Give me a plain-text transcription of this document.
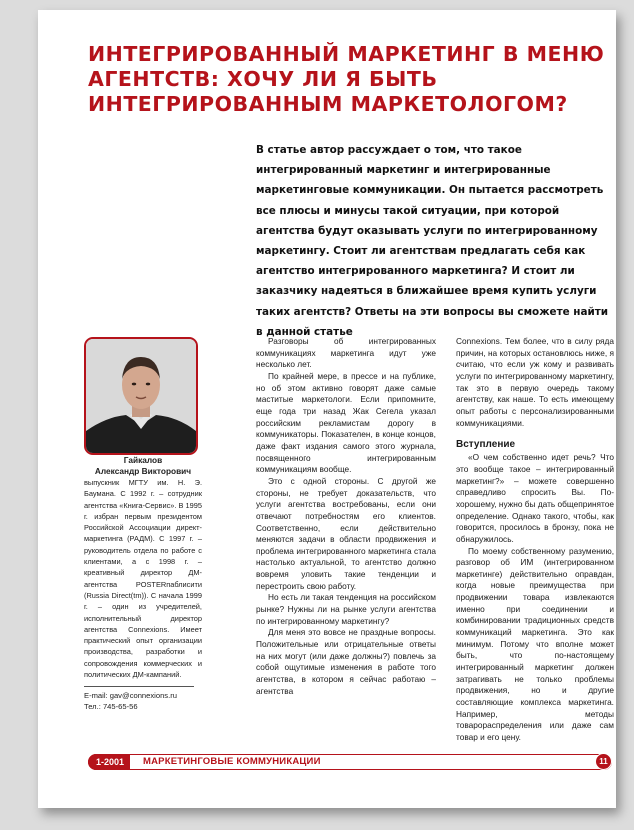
ИНТЕГРИРОВАННЫЙ МАРКЕТИНГ В МЕНЮ АГЕНТСТВ: ХОЧУ ЛИ Я БЫТЬ ИНТЕГРИРОВАННЫМ МАРКЕТОЛОГОМ?

В статье автор рассуждает о том, что такое интегрированный маркетинг и интегрированные маркетинговые коммуникации. Он пытается рассмотреть все плюсы и минусы такой ситуации, при которой агентства будут оказывать услуги по интегрированному маркетингу. Стоит ли агентствам предлагать себя как агентство интегрированного маркетинга? И стоит ли заказчику надеяться в ближайшее время купить услуги таких агентств? Ответы на эти вопросы вы сможете найти в данной статье

Гайкалов

Александр Викторович

выпускник МГТУ им. Н. Э. Баумана. С 1992 г. – сотрудник агентства «Книга-Сервис». В 1995 г. избран первым президентом Российской Ассоциации директ-маркетинга (РАДМ). С 1997 г. – руководитель отдела по работе с клиентами, а с 1998 г. – креативный директор ДМ-агентства POSTERпаблисити (Russia Direct(tm)). С начала 1999 г. – один из учредителей, исполнительный директор агентства Connexions. Имеет практический опыт организации производства, разработки и сопровождения коммерческих и политических ДМ-кампаний.

E-mail: gav@connexions.ru

Тел.: 745-65-56

Разговоры об интегрированных коммуникациях маркетинга идут уже несколько лет.

По крайней мере, в прессе и на публике, но об этом активно говорят даже самые маститые маркетологи. Если припомните, еще года три назад Жак Сегела указал российским рекламистам дорогу в коммуникаторы. Показателен, в конце концов, даже факт издания самого этого журнала, посвященного интегрированным коммуникациям вообще.

Это с одной стороны. С другой же стороны, не требует доказательств, что услуги агентства востребованы, если они отвечают потребностям его клиентов. Соответственно, если действительно меняются задачи в области продвижения и проблема интегрированного маркетинга стала настолько актуальной, то агентство должно вовремя уловить такие тенденции и перестроить свою работу.

Но есть ли такая тенденция на российском рынке? Нужны ли на рынке услуги агентства по интегрированному маркетингу?

Для меня это вовсе не праздные вопросы. Положительные или отрицательные ответы на них могут (или даже должны?) повлечь за собой ощутимые изменения в работе того агентства, в котором я сейчас работаю – агентства

Connexions. Тем более, что в силу ряда причин, на которых остановлюсь ниже, я считаю, что если уж кому и развивать услуги по интегрированному маркетингу, так это в первую очередь такому агентству, как наше. То есть имеющему опыт работы с персонализированными коммуникациями.

Вступление

«О чем собственно идет речь? Что это вообще такое – интегрированный маркетинг?» – можете совершенно справедливо спросить Вы. По-хорошему, нужно бы дать общепринятое определение. Однако такого, чтобы, как говорится, просилось в бронзу, пока не обнаружилось.

По моему собственному разумению, разговор об ИМ (интегрированном маркетинге) действительно оправдан, когда новые преимущества при продвижении товара извлекаются именно при соединении и комбинировании традиционных средств коммуникаций маркетинга. Это как минимум. Потому что вполне может быть, что по-настоящему интегрированный маркетинг должен затрагивать не только проблемы продвижения, но и другие составляющие комплекса маркетинга. Например, методы товарораспределения или даже сам товар и его цену.

1-2001	МАРКЕТИНГОВЫЕ КОММУНИКАЦИИ	11
